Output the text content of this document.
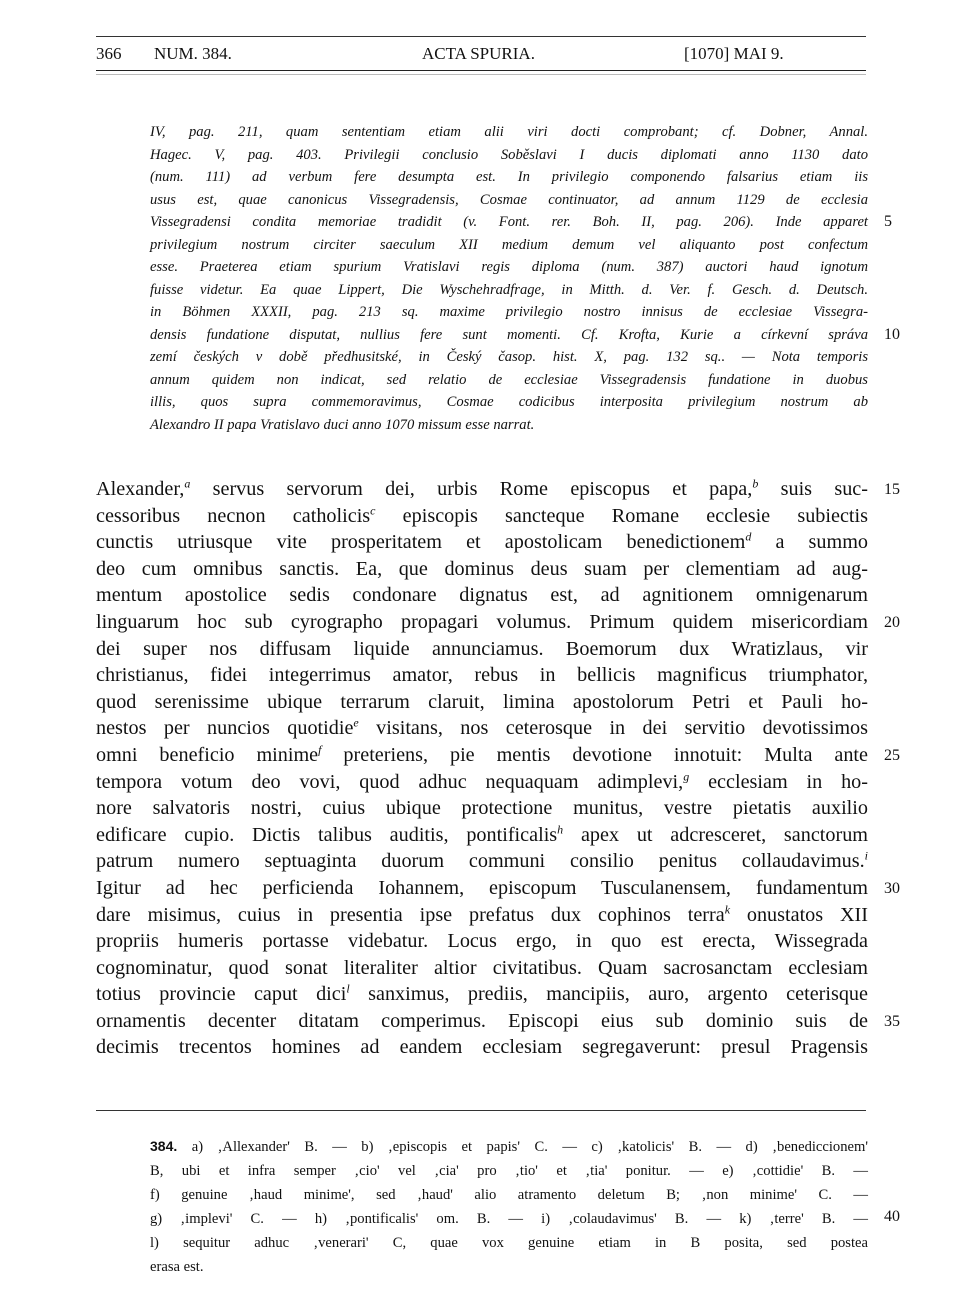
366 NUM. 384.	ACTA SPURIA.	[1070] MAI 9.
IV, pag. 211, quam sententiam etiam alii viri docti comprobant; cf. Dobner, Annal.
Hagec. V, pag. 403. Privilegii conclusio Soběslavi I ducis diplomati anno 1130 dato
(num. 111) ad verbum fere desumpta est. In privilegio componendo falsarius etiam iis
usus est, quae canonicus Vissegradensis, Cosmae continuator, ad annum 1129 de ecclesia
Vissegradensi condita memoriae tradidit (v. Font. rer. Boh. II, pag. 206). Inde apparet
privilegium nostrum circiter saeculum XII medium demum vel aliquanto post confectum
esse. Praeterea etiam spurium Vratislavi regis diploma (num. 387) auctori haud ignotum
fuisse videtur. Ea quae Lippert, Die Wyschehradfrage, in Mitth. d. Ver. f. Gesch. d. Deutsch.
in Böhmen XXXII, pag. 213 sq. maxime privilegio nostro innisus de ecclesiae Vissegra-
densis fundatione disputat, nullius fere sunt momenti. Cf. Krofta, Kurie a církevní správa
zemí českých v době předhusitské, in Český časop. hist. X, pag. 132 sq.. — Nota temporis
annum quidem non indicat, sed relatio de ecclesiae Vissegradensis fundatione in duobus
illis, quos supra commemoravimus, Cosmae codicibus interposita privilegium nostrum ab
Alexandro II papa Vratislavo duci anno 1070 missum esse narrat.
Alexander,$^a$ servus servorum dei, urbis Rome episcopus et papa,$^b$ suis suc-
cessoribus necnon catholicis$^c$ episcopis sancteque Romane ecclesie subiectis
cunctis utriusque vite prosperitatem et apostolicam benedictionem$^d$ a summo
deo cum omnibus sanctis. Ea, que dominus deus suam per clementiam ad aug-
mentum apostolice sedis condonare dignatus est, ad agnitionem omnigenarum
linguarum hoc sub cyrographo propagari volumus. Primum quidem misericordiam
dei super nos diffusam liquide annunciamus. Boemorum dux Wratizlaus, vir
christianus, fidei integerrimus amator, rebus in bellicis magnificus triumphator,
quod serenissime ubique terrarum claruit, limina apostolorum Petri et Pauli ho-
nestos per nuncios quotidie$^e$ visitans, nos ceterosque in dei servitio devotissimos
omni beneficio minime$^f$ preteriens, pie mentis devotione innotuit: Multa ante
tempora votum deo vovi, quod adhuc nequaquam adimplevi,$^g$ ecclesiam in ho-
nore salvatoris nostri, cuius ubique protectione munitus, vestre pietatis auxilio
edificare cupio. Dictis talibus auditis, pontificalis$^h$ apex ut adcresceret, sanctorum
patrum numero septuaginta duorum communi consilio penitus collaudavimus.$^i$
Igitur ad hec perficienda Iohannem, episcopum Tusculanensem, fundamentum
dare misimus, cuius in presentia ipse prefatus dux cophinos terra$^k$ onustatos XII
propriis humeris portasse videbatur. Locus ergo, in quo est erecta, Wissegrada
cognominatur, quod sonat literaliter altior civitatibus. Quam sacrosanctam ecclesiam
totius provincie caput dici$^l$ sanximus, prediis, mancipiis, auro, argento ceterisque
ornamentis decenter ditatam comperimus. Episcopi eius sub dominio suis de
decimis trecentos homines ad eandem ecclesiam segregaverunt: presul Pragensis
384. a) ‚Allexander' B. — b) ‚episcopis et papis' C. — c) ‚katolicis' B. — d) ‚benediccionem'
B, ubi et infra semper ‚cio' vel ‚cia' pro ‚tio' et ‚tia' ponitur. — e) ‚cottidie' B. —
f) genuine ‚haud minime', sed ‚haud' alio atramento deletum B; ‚non minime' C. —
g) ‚implevi' C. — h) ‚pontificalis' om. B. — i) ‚colaudavimus' B. — k) ‚terre' B. —
l) sequitur adhuc ‚venerari' C, quae vox genuine etiam in B posita, sed postea
erasa est.
5
10
15
20
25
30
35
40
